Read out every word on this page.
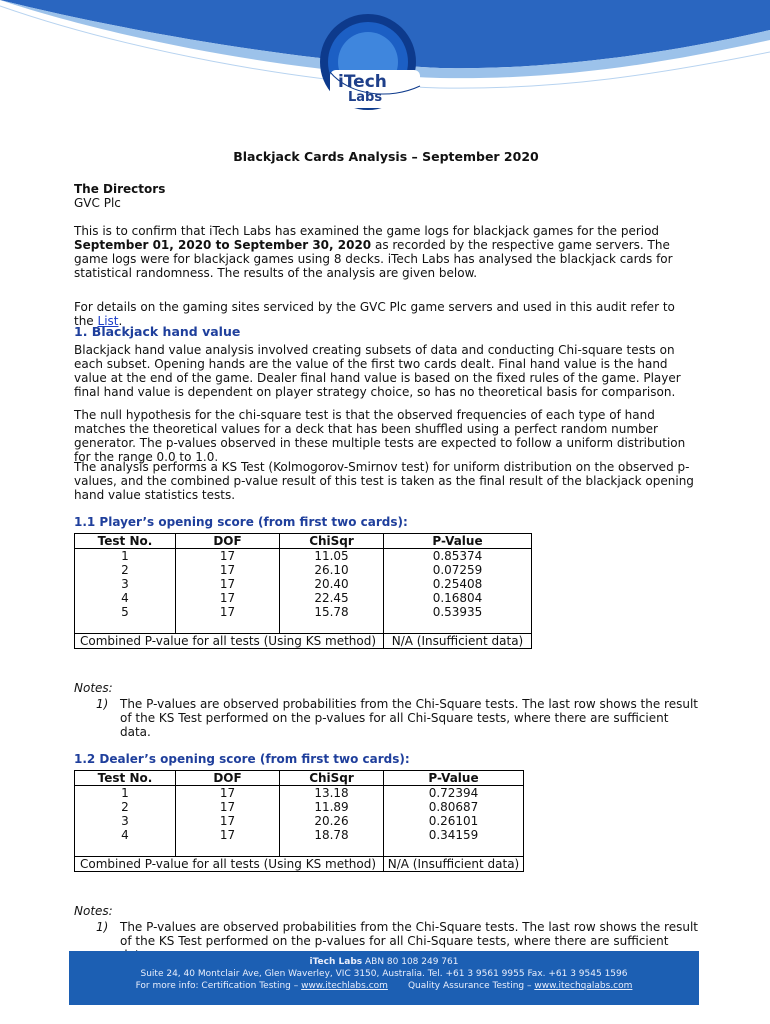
iTech
Labs
Blackjack Cards Analysis – September 2020
The Directors
GVC Plc
This is to confirm that iTech Labs has examined the game logs for blackjack games for the period September 01, 2020 to September 30, 2020 as recorded by the respective game servers. The game logs were for blackjack games using 8 decks. iTech Labs has analysed the blackjack cards for statistical randomness. The results of the analysis are given below.
For details on the gaming sites serviced by the GVC Plc game servers and used in this audit refer to the List.
1. Blackjack hand value
Blackjack hand value analysis involved creating subsets of data and conducting Chi-square tests on each subset. Opening hands are the value of the first two cards dealt. Final hand value is the hand value at the end of the game. Dealer final hand value is based on the fixed rules of the game. Player final hand value is dependent on player strategy choice, so has no theoretical basis for comparison.
The null hypothesis for the chi-square test is that the observed frequencies of each type of hand matches the theoretical values for a deck that has been shuffled using a perfect random number generator. The p-values observed in these multiple tests are expected to follow a uniform distribution for the range 0.0 to 1.0.
The analysis performs a KS Test (Kolmogorov-Smirnov test) for uniform distribution on the observed p-values, and the combined p-value result of this test is taken as the final result of the blackjack opening hand value statistics tests.
1.1 Player’s opening score (from first two cards):
Test No.	DOF	ChiSqr	P-Value
1	17	11.05	0.85374
2	17	26.10	0.07259
3	17	20.40	0.25408
4	17	22.45	0.16804
5	17	15.78	0.53935

Combined P-value for all tests (Using KS method)			N/A (Insufficient data)
Notes:
1) The P-values are observed probabilities from the Chi-Square tests. The last row shows the result of the KS Test performed on the p-values for all Chi-Square tests, where there are sufficient data.
1.2 Dealer’s opening score (from first two cards):
Test No.	DOF	ChiSqr	P-Value
1	17	13.18	0.72394
2	17	11.89	0.80687
3	17	20.26	0.26101
4	17	18.78	0.34159

Combined P-value for all tests (Using KS method)			N/A (Insufficient data)
Notes:
1) The P-values are observed probabilities from the Chi-Square tests. The last row shows the result of the KS Test performed on the p-values for all Chi-Square tests, where there are sufficient
iTech Labs ABN 80 108 249 761
Suite 24, 40 Montclair Ave, Glen Waverley, VIC 3150, Australia. Tel. +61 3 9561 9955 Fax. +61 3 9545 1596
For more info: Certification Testing – www.itechlabs.com       Quality Assurance Testing – www.itechqalabs.com
